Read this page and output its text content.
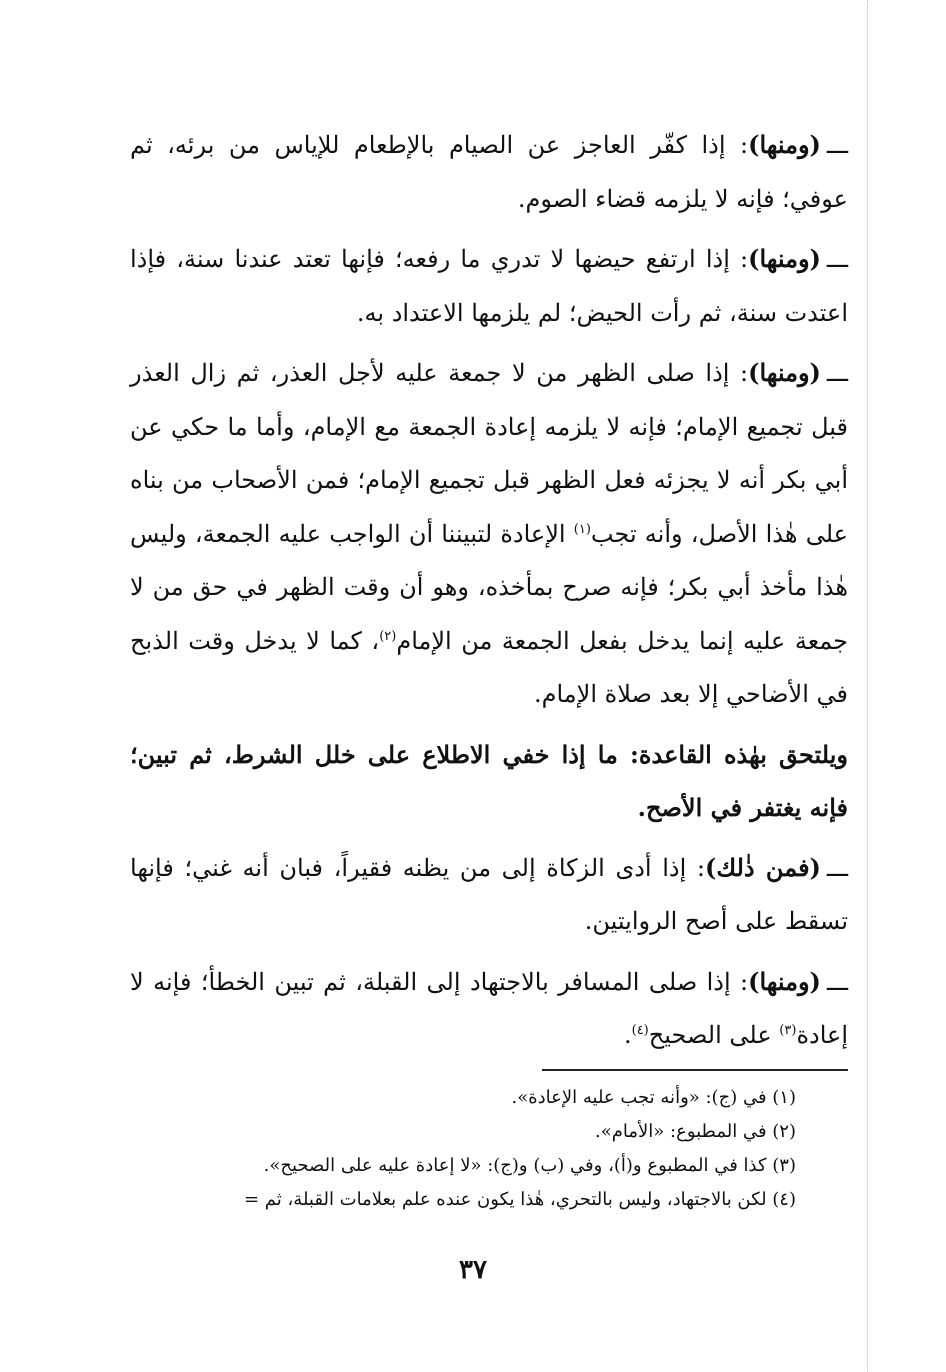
ـــ(ومنها): إذا كفّر العاجز عن الصيام بالإطعام للإياس من برئه، ثم عوفي؛ فإنه لا يلزمه قضاء الصوم.

ـــ(ومنها): إذا ارتفع حيضها لا تدري ما رفعه؛ فإنها تعتد عندنا سنة، فإذا اعتدت سنة، ثم رأت الحيض؛ لم يلزمها الاعتداد به.

ـــ(ومنها): إذا صلى الظهر من لا جمعة عليه لأجل العذر، ثم زال العذر قبل تجميع الإمام؛ فإنه لا يلزمه إعادة الجمعة مع الإمام، وأما ما حكي عن أبي بكر أنه لا يجزئه فعل الظهر قبل تجميع الإمام؛ فمن الأصحاب من بناه على هٰذا الأصل، وأنه تجب$^{(١)}$ الإعادة لتبيننا أن الواجب عليه الجمعة، وليس هٰذا مأخذ أبي بكر؛ فإنه صرح بمأخذه، وهو أن وقت الظهر في حق من لا جمعة عليه إنما يدخل بفعل الجمعة من الإمام$^{(٢)}$، كما لا يدخل وقت الذبح في الأضاحي إلا بعد صلاة الإمام.

ويلتحق بهٰذه القاعدة: ما إذا خفي الاطلاع على خلل الشرط، ثم تبين؛ فإنه يغتفر في الأصح.

ـــ(فمن ذٰلك): إذا أدى الزكاة إلى من يظنه فقيراً، فبان أنه غني؛ فإنها تسقط على أصح الروايتين.

ـــ(ومنها): إذا صلى المسافر بالاجتهاد إلى القبلة، ثم تبين الخطأ؛ فإنه لا إعادة$^{(٣)}$ على الصحيح$^{(٤)}$.

(١) في (ج): «وأنه تجب عليه الإعادة».

(٢) في المطبوع: «الأمام».

(٣) كذا في المطبوع و(أ)، وفي (ب) و(ج): «لا إعادة عليه على الصحيح».

(٤) لكن بالاجتهاد، وليس بالتحري، هٰذا يكون عنده علم بعلامات القبلة، ثم =

٣٧
